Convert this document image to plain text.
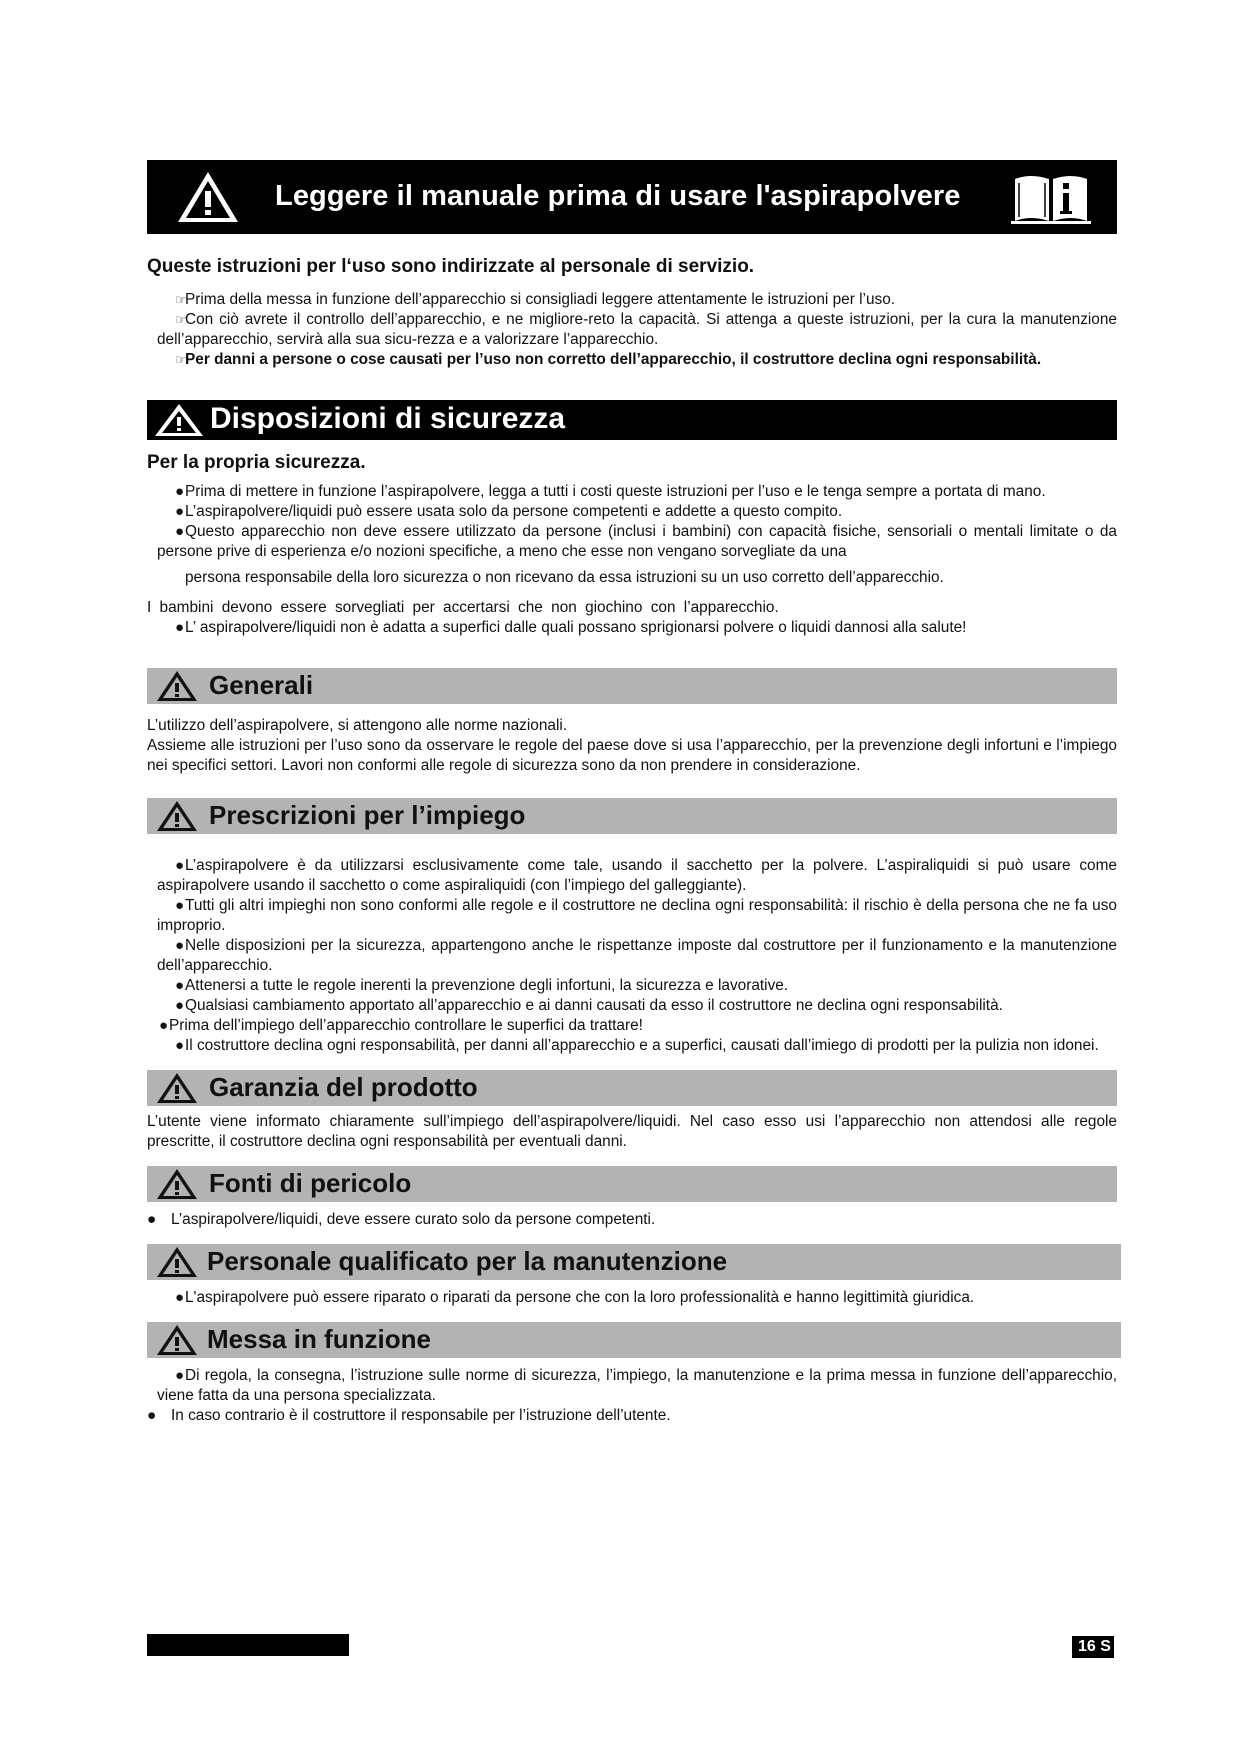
Leggere il manuale prima di usare l'aspirapolvere
Queste istruzioni per l‘uso sono indirizzate al personale di servizio.
☞
Prima della messa in funzione dell’apparecchio si consigliadi leggere attentamente le istruzioni per l’uso.
☞
Con ciò avrete il controllo dell’apparecchio, e ne migliore-reto la capacità. Si attenga a queste istruzioni, per la cura la manutenzione dell’apparecchio, servirà alla sua sicu-rezza e a valorizzare l’apparecchio.
☞
Per danni a persone o cose causati per l’uso non corretto dell’apparecchio, il costruttore declina ogni responsabilità.
Disposizioni di sicurezza
Per la propria sicurezza.
● Prima di mettere in funzione l’aspirapolvere, legga a tutti i costi queste istruzioni per l’uso e le tenga sempre a portata di mano.
● L’aspirapolvere/liquidi può essere usata solo da persone competenti e addette a questo compito.
● Questo apparecchio non deve essere utilizzato da persone (inclusi i bambini) con capacità fisiche, sensoriali o mentali limitate o da persone prive di esperienza e/o nozioni specifiche, a meno che esse non vengano sorvegliate da una
persona responsabile della loro sicurezza o non ricevano da essa istruzioni su un uso corretto dell’apparecchio.
I bambini devono essere sorvegliati per accertarsi che non giochino con l’apparecchio.
● L’ aspirapolvere/liquidi non è adatta a superfici dalle quali possano sprigionarsi polvere o liquidi dannosi alla salute!
Generali
L’utilizzo dell’aspirapolvere, si attengono alle norme nazionali.
Assieme alle istruzioni per l’uso sono da osservare le regole del paese dove si usa l’apparecchio, per la prevenzione degli infortuni e l’impiego nei specifici settori. Lavori non conformi alle regole di sicurezza sono da non prendere in considerazione.
Prescrizioni per l’impiego
● L’aspirapolvere è da utilizzarsi esclusivamente come tale, usando il sacchetto per la polvere. L’aspiraliquidi si può usare come aspirapolvere usando il sacchetto o come aspiraliquidi (con l’impiego del galleggiante).
● Tutti gli altri impieghi non sono conformi alle regole e il costruttore ne declina ogni responsabilità: il rischio è della persona che ne fa uso improprio.
● Nelle disposizioni per la sicurezza, appartengono anche le rispettanze imposte dal costruttore per il funzionamento e la manutenzione dell’apparecchio.
● Attenersi a tutte le regole inerenti la prevenzione degli infortuni, la sicurezza e lavorative.
● Qualsiasi cambiamento apportato all’apparecchio e ai danni causati da esso il costruttore ne declina ogni responsabilità.
● Prima dell’impiego dell’apparecchio controllare le superfici da trattare!
● Il costruttore declina ogni responsabilità, per danni all’apparecchio e a superfici, causati dall’imiego di prodotti per la pulizia non idonei.
Garanzia del prodotto
L’utente viene informato chiaramente sull’impiego dell’aspirapolvere/liquidi. Nel caso esso usi l’apparecchio non attendosi alle regole prescritte, il costruttore declina ogni responsabilità per eventuali danni.
Fonti di pericolo
● L’aspirapolvere/liquidi, deve essere curato solo da persone competenti.
Personale qualificato per la manutenzione
● L'aspirapolvere può essere riparato o riparati da persone che con la loro professionalità e hanno legittimità giuridica.
Messa in funzione
● Di regola, la consegna, l’istruzione sulle norme di sicurezza, l’impiego, la manutenzione e la prima messa in funzione dell’apparecchio, viene fatta da una persona specializzata.
● In caso contrario è il costruttore il responsabile per l’istruzione dell’utente.
16 S
